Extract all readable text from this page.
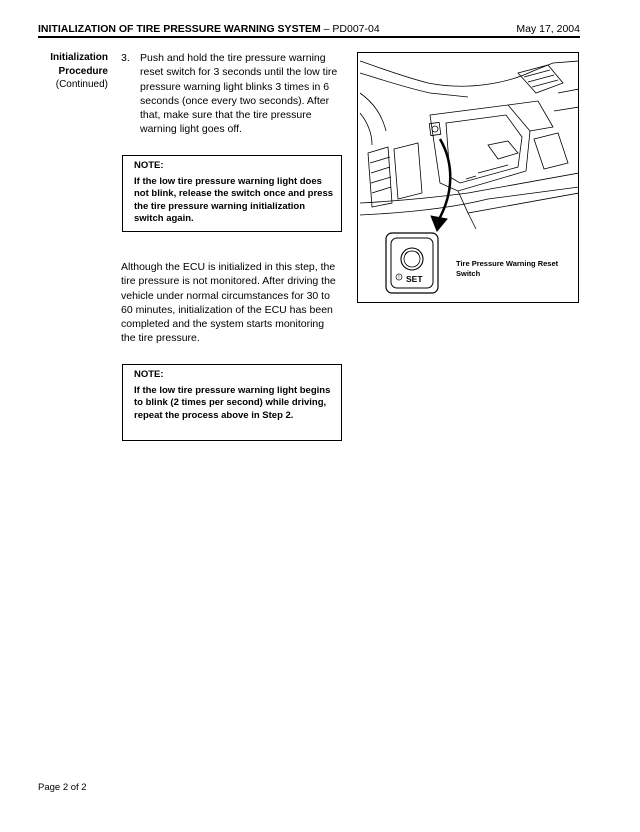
INITIALIZATION OF TIRE PRESSURE WARNING SYSTEM – PD007-04	May 17, 2004
Initialization
Procedure
(Continued)
3. Push and hold the tire pressure warning reset switch for 3 seconds until the low tire pressure warning light blinks 3 times in 6 seconds (once every two seconds). After that, make sure that the tire pressure warning light goes off.
NOTE:
If the low tire pressure warning light does not blink, release the switch once and press the tire pressure warning initialization switch again.
Although the ECU is initialized in this step, the tire pressure is not monitored. After driving the vehicle under normal circumstances for 30 to 60 minutes, initialization of the ECU has been completed and the system starts monitoring the tire pressure.
NOTE:
If the low tire pressure warning light begins to blink (2 times per second) while driving, repeat the process above in Step 2.
! SET
Tire Pressure Warning Reset Switch
Page 2 of 2
